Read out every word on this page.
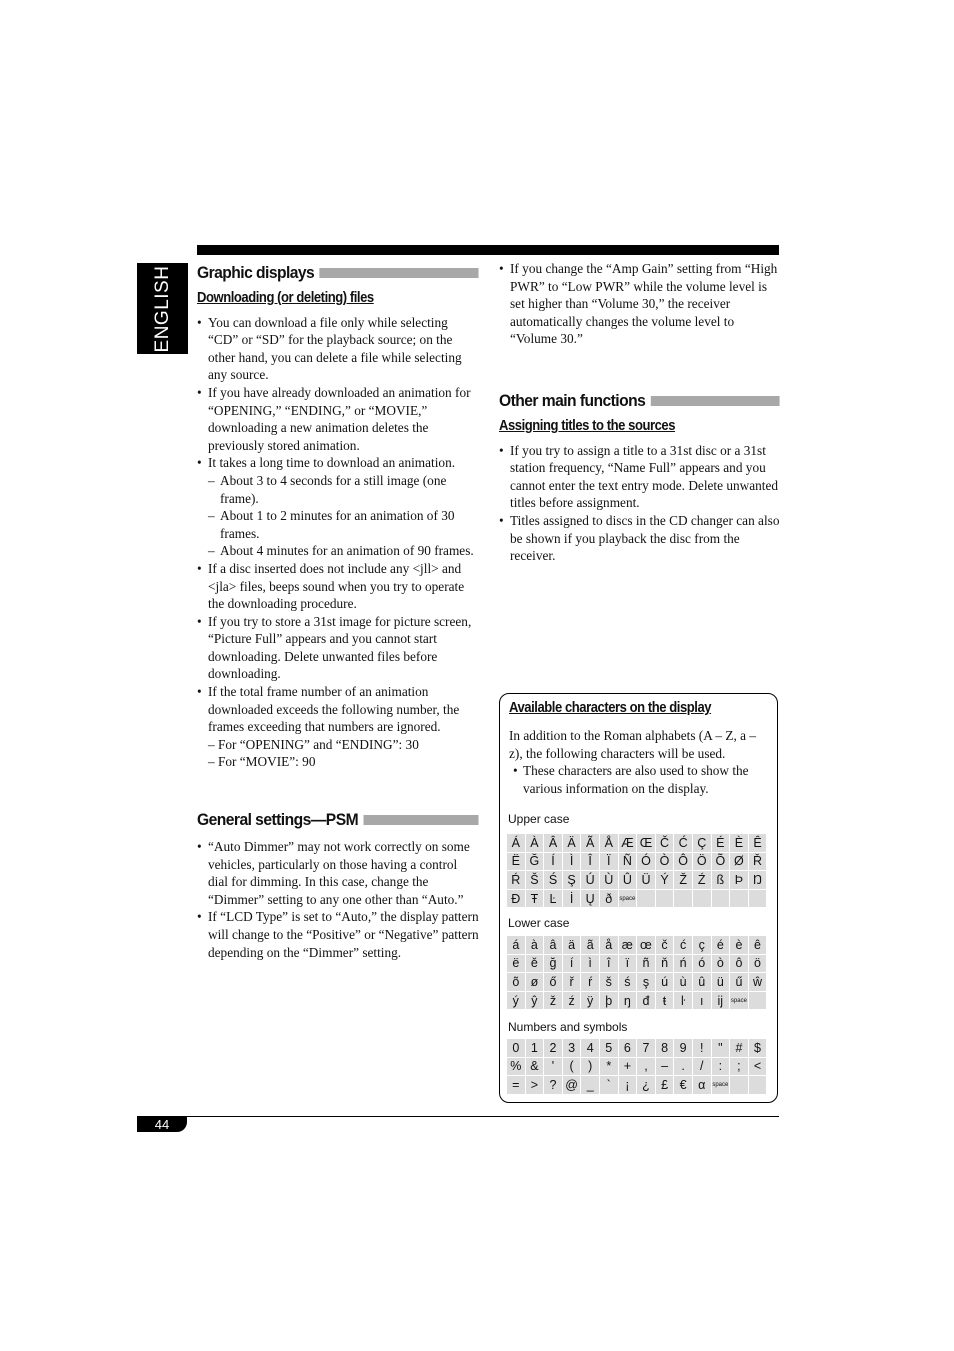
ENGLISH Graphic displays
Downloading (or deleting) files
• You can download a file only while selecting “CD” or “SD” for the playback source; on the other hand, you can delete a file while selecting any source.
• If you have already downloaded an animation for “OPENING,” “ENDING,” or “MOVIE,” downloading a new animation deletes the previously stored animation.
• It takes a long time to download an animation.
– About 3 to 4 seconds for a still image (one frame).
– About 1 to 2 minutes for an animation of 30 frames.
– About 4 minutes for an animation of 90 frames.
• If a disc inserted does not include any <jll> and <jla> files, beeps sound when you try to operate the downloading procedure.
• If you try to store a 31st image for picture screen, “Picture Full” appears and you cannot start downloading. Delete unwanted files before downloading.
• If the total frame number of an animation downloaded exceeds the following number, the frames exceeding that numbers are ignored.
– For “OPENING” and “ENDING”: 30
– For “MOVIE”: 90
General settings—PSM
• “Auto Dimmer” may not work correctly on some vehicles, particularly on those having a control dial for dimming. In this case, change the “Dimmer” setting to any one other than “Auto.”
• If “LCD Type” is set to “Auto,” the display pattern will change to the “Positive” or “Negative” pattern depending on the “Dimmer” setting.
• If you change the “Amp Gain” setting from “High PWR” to “Low PWR” while the volume level is set higher than “Volume 30,” the receiver automatically changes the volume level to “Volume 30.”
Other main functions
Assigning titles to the sources
• If you try to assign a title to a 31st disc or a 31st station frequency, “Name Full” appears and you cannot enter the text entry mode. Delete unwanted titles before assignment.
• Titles assigned to discs in the CD changer can also be shown if you playback the disc from the receiver.
Available characters on the display
In addition to the Roman alphabets (A – Z, a – z), the following characters will be used.
• These characters are also used to show the various information on the display.
Upper case
Á À Â Ä Ã Å Æ Œ Č Ć Ç É È Ê
Ë Ğ Í	Ì	Î	Ï Ñ Ó Ò Ô Ö Õ Ø Ř
Ŕ Š Ś Ş Ú Ù Û Ü Ý Ž Ź ß Þ Ŋ
Đ Ŧ Ŀ	İ Ų ð	space
Lower case
á à â ä ã å æ œ č ć ç é è ê
ë ě ğ	í	ì	î	ï	ñ ň ń ó ò ô ö
õ ø ő	ř	ŕ	š ś ş ú ù û ü ű ŵ
ý ŷ ž ź ÿ þ ŋ đ	ŧ	ŀ	ı	ĳ	space
Numbers and symbols
0 1 2 3 4 5 6 7 8 9	!	"	# $
% &	'	(	)	*	+	,	–	.	/	:	;	<
= > ? @ _	`	¡	¿ £ € α	space
44
